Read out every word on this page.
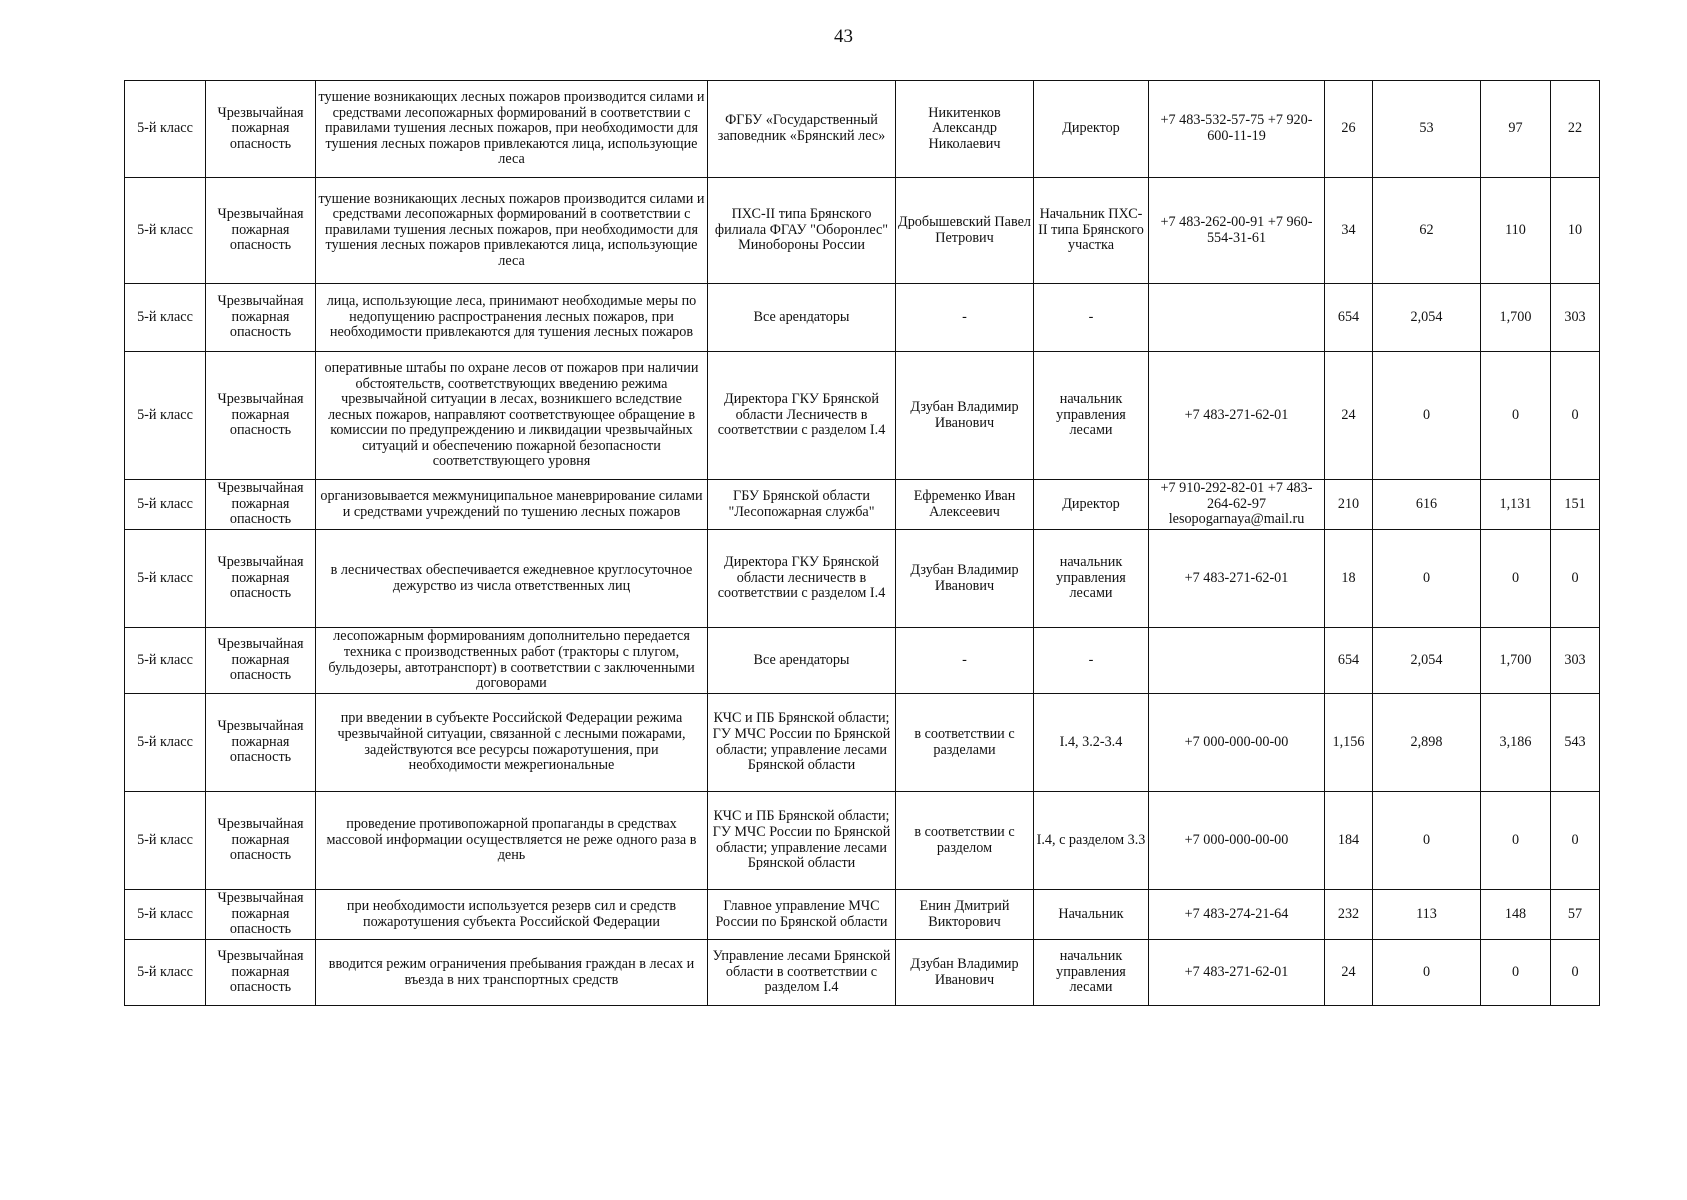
43
5-й класс	Чрезвычайная пожарная опасность	тушение возникающих лесных пожаров производится силами и средствами лесопожарных формирований в соответствии с правилами тушения лесных пожаров, при необходимости для тушения лесных пожаров привлекаются лица, использующие леса	ФГБУ «Государственный заповедник «Брянский лес»	Никитенков Александр Николаевич	Директор	+7 483-532-57-75 +7 920-600-11-19	26	53	97	22
5-й класс	Чрезвычайная пожарная опасность	тушение возникающих лесных пожаров производится силами и средствами лесопожарных формирований в соответствии с правилами тушения лесных пожаров, при необходимости для тушения лесных пожаров привлекаются лица, использующие леса	ПХС-II типа Брянского филиала ФГАУ "Оборонлес" Минобороны России	Дробышевский Павел Петрович	Начальник ПХС-II типа Брянского участка	+7 483-262-00-91 +7 960-554-31-61	34	62	110	10
5-й класс	Чрезвычайная пожарная опасность	лица, использующие леса, принимают необходимые меры по недопущению распространения лесных пожаров, при необходимости привлекаются для тушения лесных пожаров	Все арендаторы	-	-		654	2,054	1,700	303
5-й класс	Чрезвычайная пожарная опасность	оперативные штабы по охране лесов от пожаров при наличии обстоятельств, соответствующих введению режима чрезвычайной ситуации в лесах, возникшего вследствие лесных пожаров, направляют соответствующее обращение в комиссии по предупреждению и ликвидации чрезвычайных ситуаций и обеспечению пожарной безопасности соответствующего уровня	Директора ГКУ Брянской области Лесничеств в соответствии с разделом I.4	Дзубан Владимир Иванович	начальник управления лесами	+7 483-271-62-01	24	0	0	0
5-й класс	Чрезвычайная пожарная опасность	организовывается межмуниципальное маневрирование силами и средствами учреждений по тушению лесных пожаров	ГБУ Брянской области "Лесопожарная служба"	Ефременко Иван Алексеевич	Директор	+7 910-292-82-01 +7 483-264-62-97 lesopogarnaya@mail.ru	210	616	1,131	151
5-й класс	Чрезвычайная пожарная опасность	в лесничествах обеспечивается ежедневное круглосуточное дежурство из числа ответственных лиц	Директора ГКУ Брянской области лесничеств в соответствии с разделом I.4	Дзубан Владимир Иванович	начальник управления лесами	+7 483-271-62-01	18	0	0	0
5-й класс	Чрезвычайная пожарная опасность	лесопожарным формированиям дополнительно передается техника с производственных работ (тракторы с плугом, бульдозеры, автотранспорт) в соответствии с заключенными договорами	Все арендаторы	-	-		654	2,054	1,700	303
5-й класс	Чрезвычайная пожарная опасность	при введении в субъекте Российской Федерации режима чрезвычайной ситуации, связанной с лесными пожарами, задействуются все ресурсы пожаротушения, при необходимости межрегиональные	КЧС и ПБ Брянской области; ГУ МЧС России по Брянской области; управление лесами Брянской области	в соответствии с разделами	I.4, 3.2-3.4	+7 000-000-00-00	1,156	2,898	3,186	543
5-й класс	Чрезвычайная пожарная опасность	проведение противопожарной пропаганды в средствах массовой информации осуществляется не реже одного раза в день	КЧС и ПБ Брянской области; ГУ МЧС России по Брянской области; управление лесами Брянской области	в соответствии с разделом	I.4, с разделом 3.3	+7 000-000-00-00	184	0	0	0
5-й класс	Чрезвычайная пожарная опасность	при необходимости используется резерв сил и средств пожаротушения субъекта Российской Федерации	Главное управление МЧС России по Брянской области	Енин Дмитрий Викторович	Начальник	+7 483-274-21-64	232	113	148	57
5-й класс	Чрезвычайная пожарная опасность	вводится режим ограничения пребывания граждан в лесах и въезда в них транспортных средств	Управление лесами Брянской области в соответствии с разделом I.4	Дзубан Владимир Иванович	начальник управления лесами	+7 483-271-62-01	24	0	0	0
